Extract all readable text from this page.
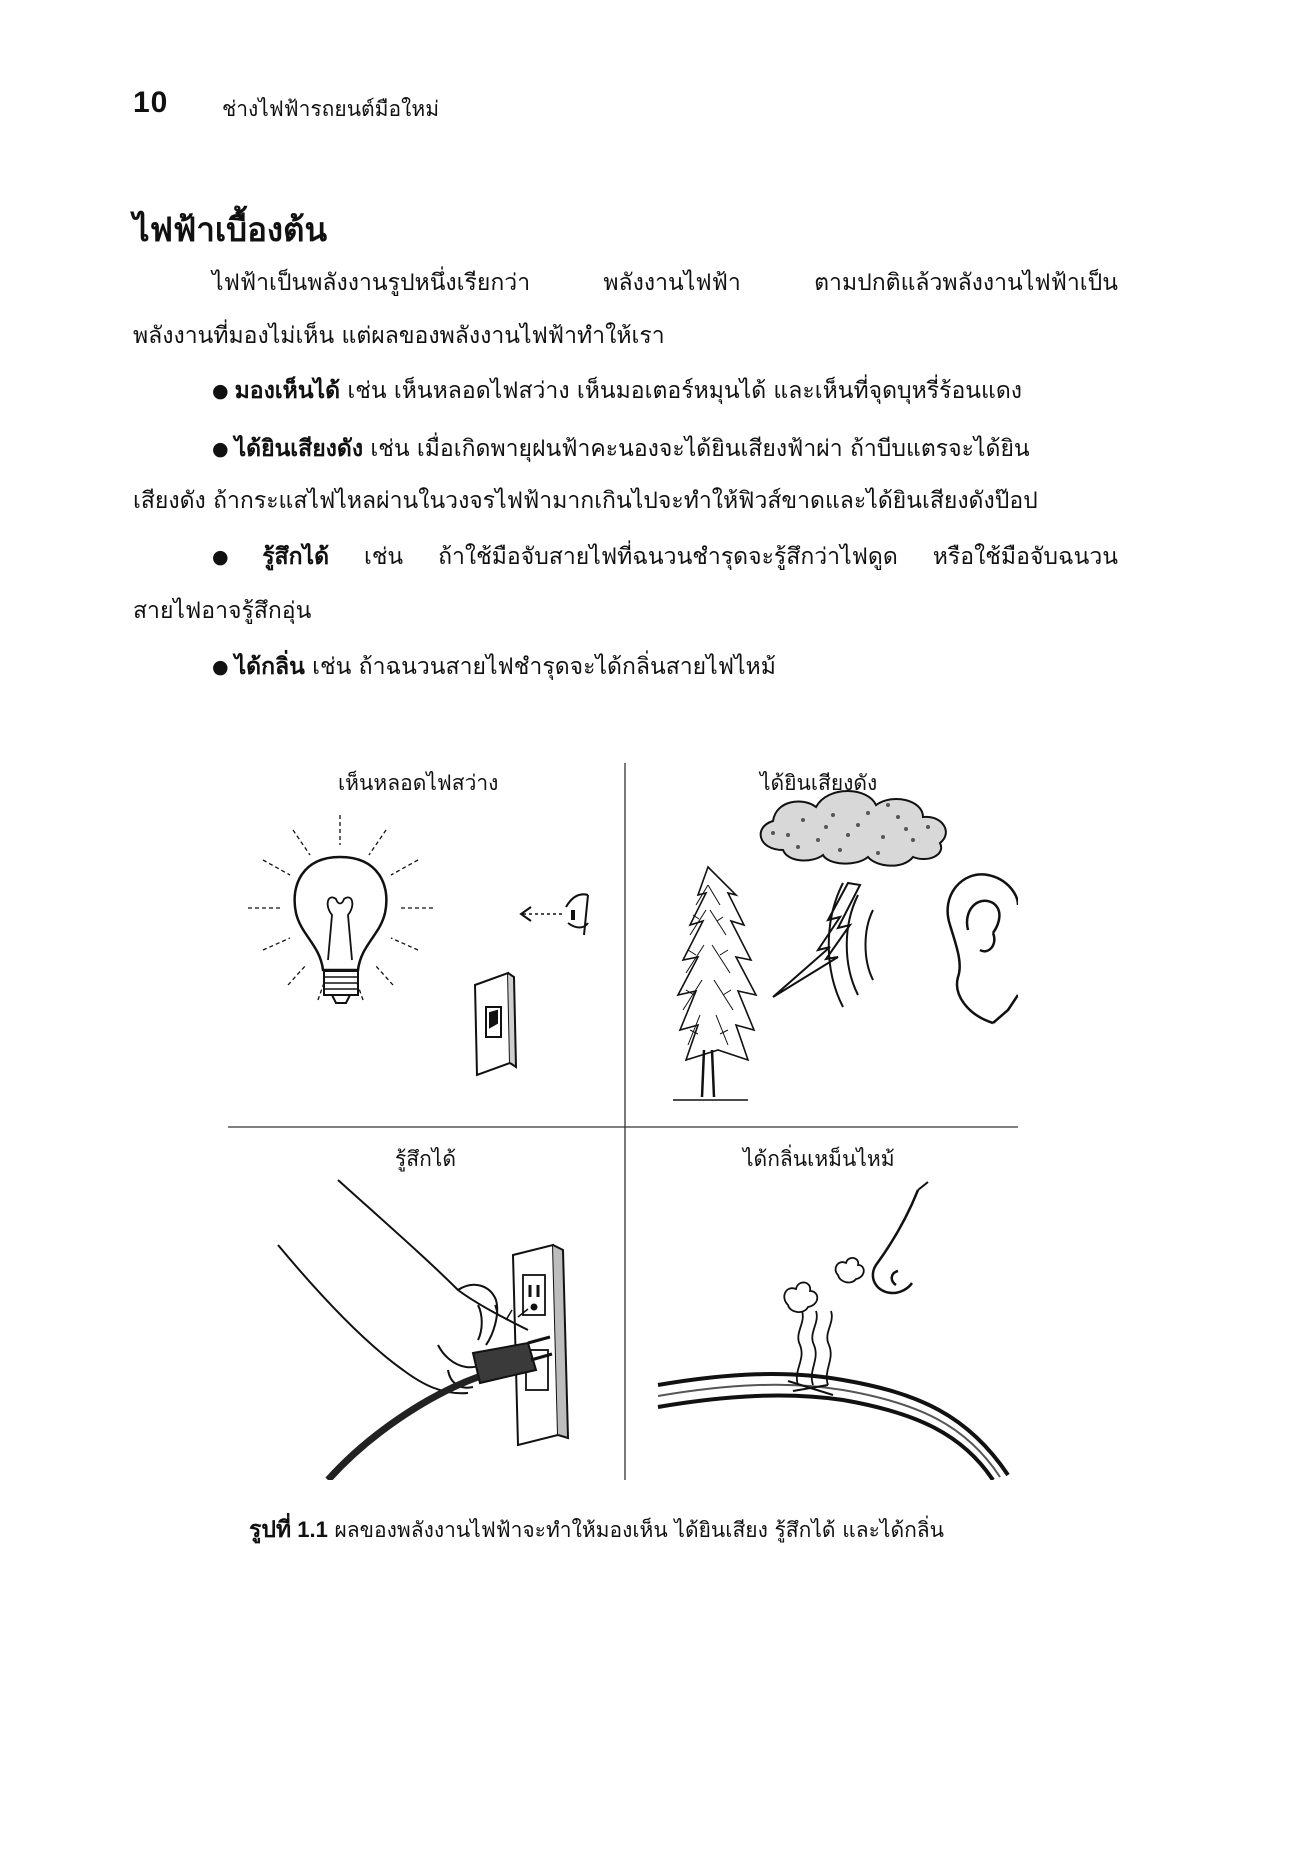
10	ช่างไฟฟ้ารถยนต์มือใหม่
ไฟฟ้าเบื้องต้น
ไฟฟ้าเป็นพลังงานรูปหนึ่งเรียกว่า พลังงานไฟฟ้า ตามปกติแล้วพลังงานไฟฟ้าเป็น
พลังงานที่มองไม่เห็น แต่ผลของพลังงานไฟฟ้าทำให้เรา
● มองเห็นได้ เช่น เห็นหลอดไฟสว่าง เห็นมอเตอร์หมุนได้ และเห็นที่จุดบุหรี่ร้อนแดง
● ได้ยินเสียงดัง เช่น เมื่อเกิดพายุฝนฟ้าคะนองจะได้ยินเสียงฟ้าผ่า ถ้าบีบแตรจะได้ยิน
เสียงดัง ถ้ากระแสไฟไหลผ่านในวงจรไฟฟ้ามากเกินไปจะทำให้ฟิวส์ขาดและได้ยินเสียงดังป๊อป
● รู้สึกได้ เช่น ถ้าใช้มือจับสายไฟที่ฉนวนชำรุดจะรู้สึกว่าไฟดูด หรือใช้มือจับฉนวน
สายไฟอาจรู้สึกอุ่น
● ได้กลิ่น เช่น ถ้าฉนวนสายไฟชำรุดจะได้กลิ่นสายไฟไหม้
เห็นหลอดไฟสว่าง	ได้ยินเสียงดัง
รู้สึกได้	ได้กลิ่นเหม็นไหม้
รูปที่ 1.1 ผลของพลังงานไฟฟ้าจะทำให้มองเห็น ได้ยินเสียง รู้สึกได้ และได้กลิ่น
